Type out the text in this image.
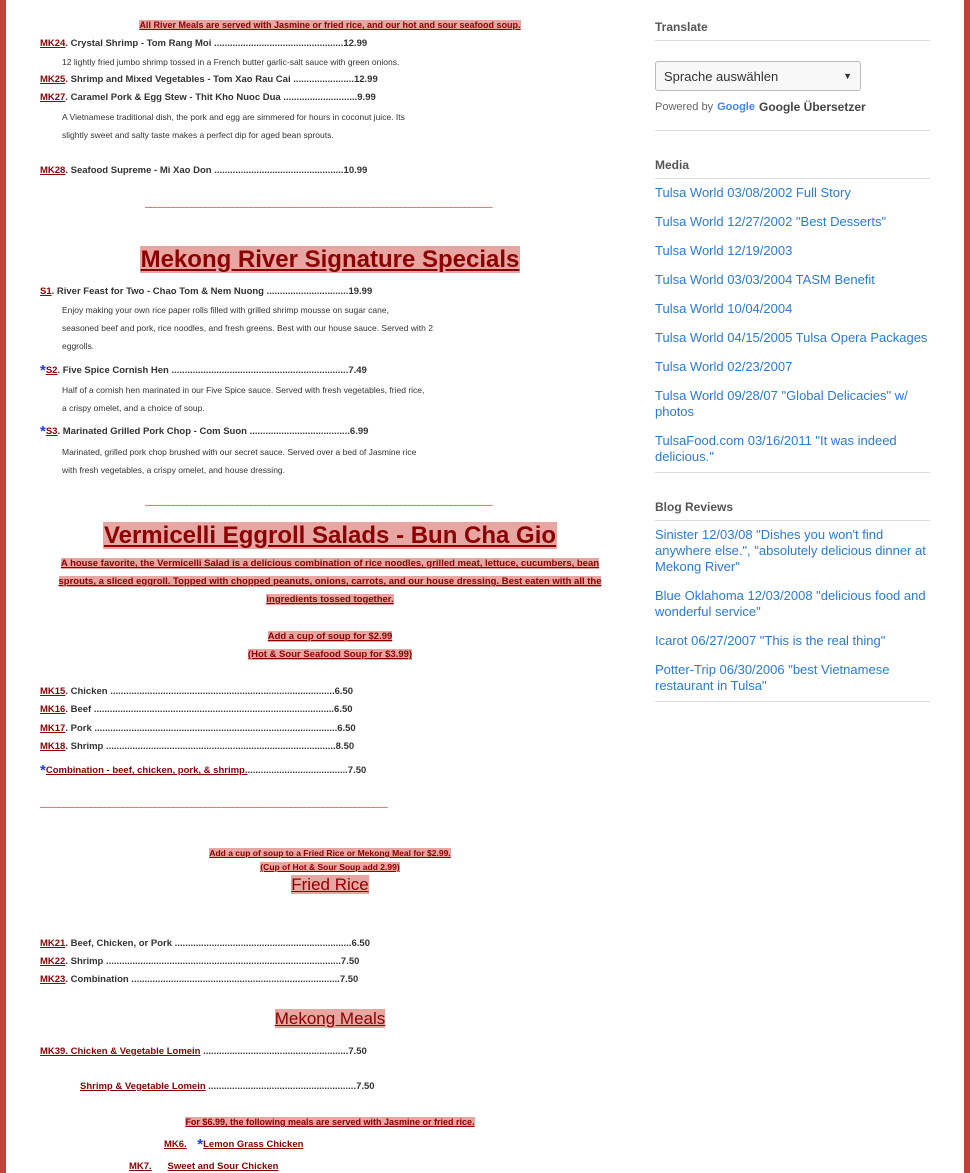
All River Meals are served with Jasmine or fried rice, and our hot and sour seafood soup.
MK24. Crystal Shrimp - Tom Rang Moi .................................................12.99
12 lightly fried jumbo shrimp tossed in a French butter garlic-salt sauce with green onions.
MK25. Shrimp and Mixed Vegetables - Tom Xao Rau Cai .......................12.99
MK27. Caramel Pork & Egg Stew - Thit Kho Nuoc Dua ............................9.99
A Vietnamese traditional dish, the pork and egg are simmered for hours in coconut juice. Its
slightly sweet and salty taste makes a perfect dip for aged bean sprouts.
MK28. Seafood Supreme - Mi Xao Don .................................................10.99
‒‒‒‒‒‒‒‒‒‒‒‒‒‒‒‒‒‒‒‒‒‒‒‒‒‒‒‒‒‒‒‒‒‒‒‒‒‒‒‒‒‒‒‒‒‒‒‒‒‒‒‒‒‒‒‒‒‒‒‒‒‒‒‒‒‒‒‒‒‒‒‒‒‒‒‒
Mekong River Signature Specials
S1. River Feast for Two - Chao Tom & Nem Nuong ...............................19.99
Enjoy making your own rice paper rolls filled with grilled shrimp mousse on sugar cane,
seasoned beef and pork, rice noodles, and fresh greens. Best with our house sauce. Served with 2
eggrolls.
*S2. Five Spice Cornish Hen ...................................................................7.49
Half of a cornish hen marinated in our Five Spice sauce. Served with fresh vegetables, fried rice,
a crispy omelet, and a choice of soup.
*S3. Marinated Grilled Pork Chop - Com Suon ......................................6.99
Marinated, grilled pork chop brushed with our secret sauce. Served over a bed of Jasmine rice
with fresh vegetables, a crispy omelet, and house dressing.
‒‒‒‒‒‒‒‒‒‒‒‒‒‒‒‒‒‒‒‒‒‒‒‒‒‒‒‒‒‒‒‒‒‒‒‒‒‒‒‒‒‒‒‒‒‒‒‒‒‒‒‒‒‒‒‒‒‒‒‒‒‒‒‒‒‒‒‒‒‒‒‒‒‒‒‒
Vermicelli Eggroll Salads - Bun Cha Gio
A house favorite, the Vermicelli Salad is a delicious combination of rice noodles, grilled meat, lettuce, cucumbers, bean
sprouts, a sliced eggroll. Topped with chopped peanuts, onions, carrots, and our house dressing. Best eaten with all the
ingredients tossed together.
Add a cup of soup for $2.99
(Hot & Sour Seafood Soup for $3.99)
MK15. Chicken .....................................................................................6.50
MK16. Beef ...........................................................................................6.50
MK17. Pork ............................................................................................6.50
MK18. Shrimp .......................................................................................8.50
*Combination - beef, chicken, pork, & shrimp.......................................7.50
‒‒‒‒‒‒‒‒‒‒‒‒‒‒‒‒‒‒‒‒‒‒‒‒‒‒‒‒‒‒‒‒‒‒‒‒‒‒‒‒‒‒‒‒‒‒‒‒‒‒‒‒‒‒‒‒‒‒‒‒‒‒‒‒‒‒‒‒‒‒‒‒‒‒‒‒
Add a cup of soup to a Fried Rice or Mekong Meal for $2.99.
(Cup of Hot & Sour Soup add 2.99)
Fried Rice
MK21. Beef, Chicken, or Pork ...................................................................6.50
MK22. Shrimp .........................................................................................7.50
MK23. Combination ...............................................................................7.50
Mekong Meals
MK39. Chicken & Vegetable Lomein .......................................................7.50
Shrimp & Vegetable Lomein ........................................................7.50
For $6.99, the following meals are served with Jasmine or fried rice.
MK6. *Lemon Grass Chicken
MK7. Sweet and Sour Chicken
Translate
Sprache auswählen	▼
Powered by Google Google Übersetzer
Media
Tulsa World 03/08/2002 Full Story
Tulsa World 12/27/2002 "Best Desserts"
Tulsa World 12/19/2003
Tulsa World 03/03/2004 TASM Benefit
Tulsa World 10/04/2004
Tulsa World 04/15/2005 Tulsa Opera Packages
Tulsa World 02/23/2007
Tulsa World 09/28/07 "Global Delicacies" w/ photos
TulsaFood.com 03/16/2011 "It was indeed delicious."
Blog Reviews
Sinister 12/03/08 "Dishes you won't find anywhere else.", "absolutely delicious dinner at Mekong River"
Blue Oklahoma 12/03/2008 "delicious food and wonderful service"
Icarot 06/27/2007 "This is the real thing"
Potter-Trip 06/30/2006 "best Vietnamese restaurant in Tulsa"
